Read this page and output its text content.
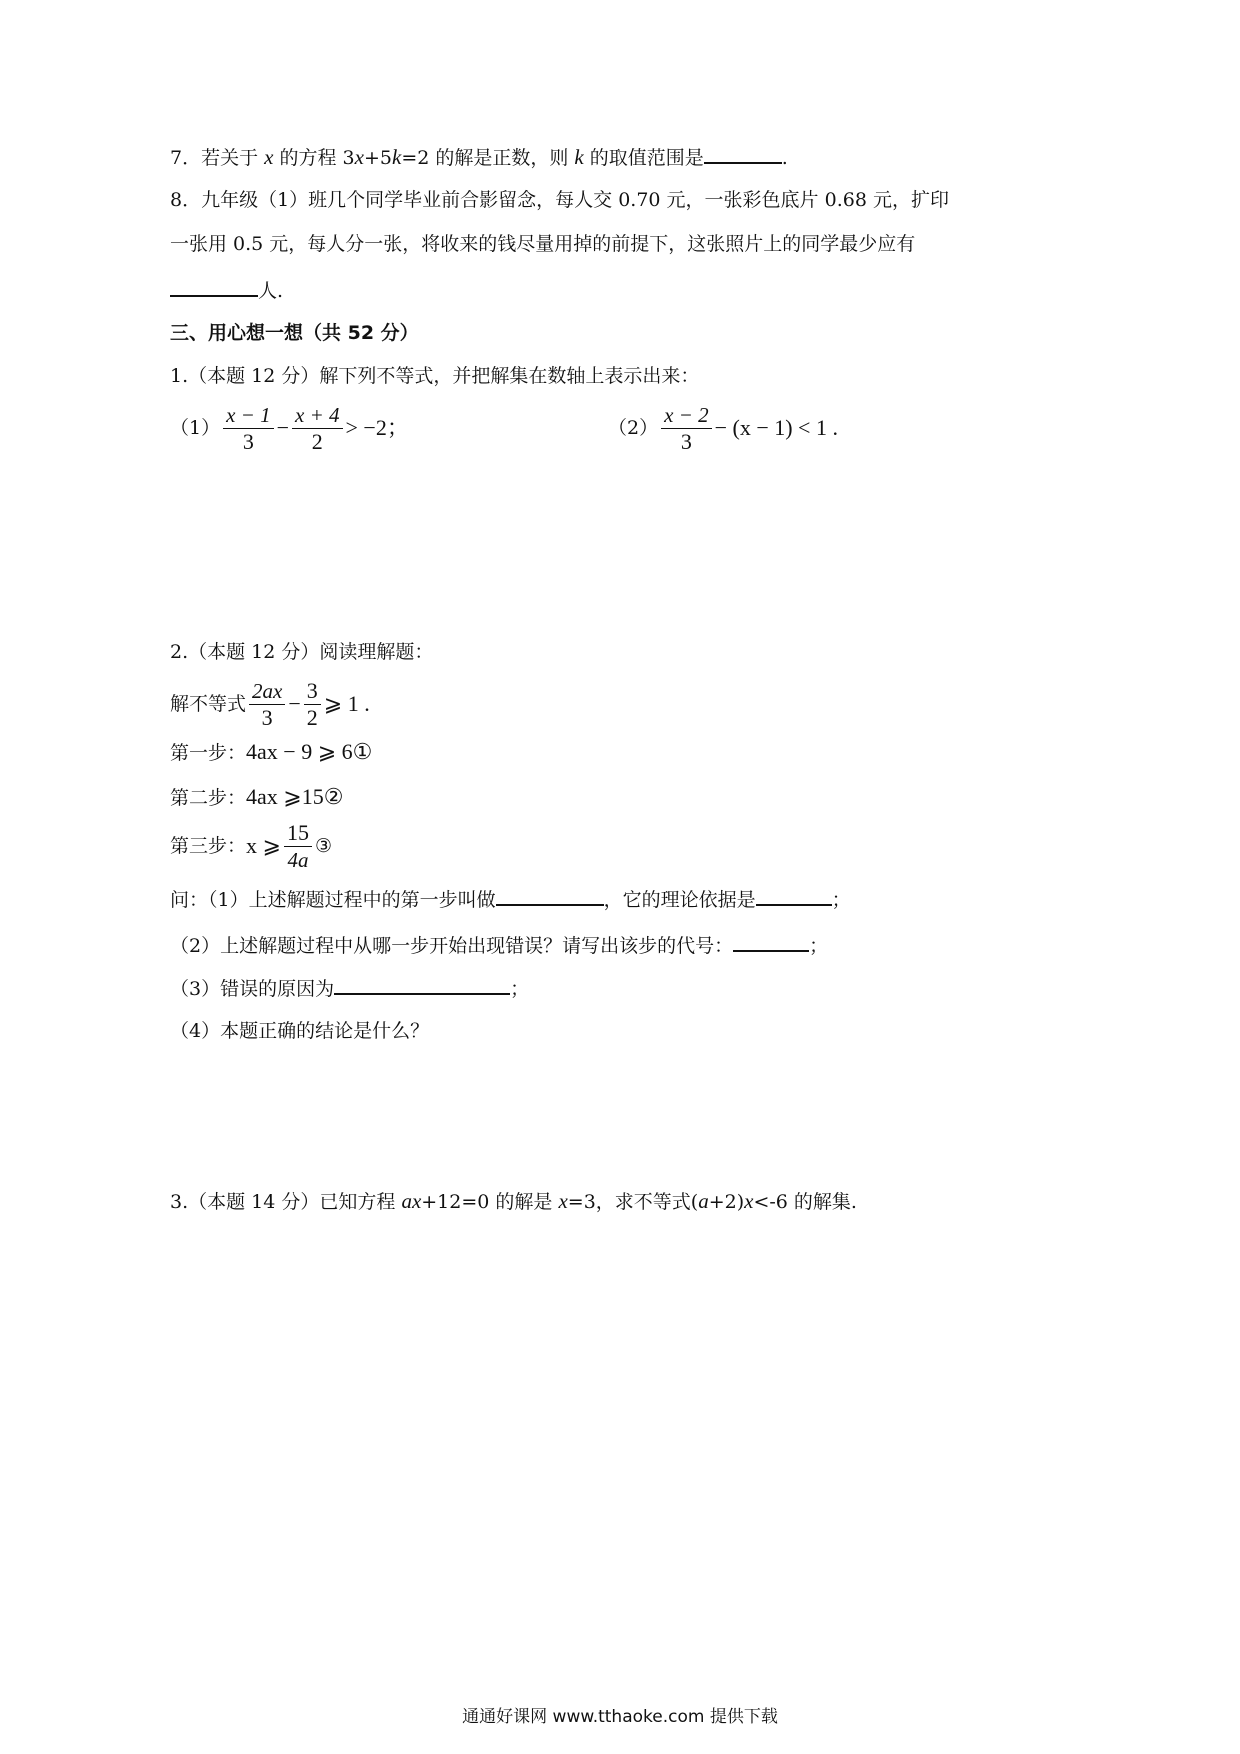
7．若关于 x 的方程 3x+5k=2 的解是正数，则 k 的取值范围是	.
8．九年级（1）班几个同学毕业前合影留念，每人交 0.70 元，一张彩色底片 0.68 元，扩印
一张用 0.5 元，每人分一张，将收来的钱尽量用掉的前提下，这张照片上的同学最少应有
人.
三、用心想一想（共 52 分）
1.（本题 12 分）解下列不等式，并把解集在数轴上表示出来：
$(1) \frac{x - 1}{3} - \frac{x + 4}{2} > -2$；	$(2) \frac{x - 2}{3} - (x - 1) < 1$ .
2.（本题 12 分）阅读理解题：
解不等式 $\frac{2ax}{3} - \frac{3}{2}$ ⩾ 1 .
第一步：4ax − 9 ⩾ 6①
第二步：4ax ⩾15②
第三步： x ⩾ $\frac{15}{4a}$ ③
问：（1）上述解题过程中的第一步叫做	，它的理论依据是	；
（2）上述解题过程中从哪一步开始出现错误？请写出该步的代号：	；
（3）错误的原因为	；
（4）本题正确的结论是什么？
3.（本题 14 分）已知方程 ax+12=0 的解是 x=3，求不等式(a+2)x<-6 的解集.
通通好课网 www.tthaoke.com 提供下载
